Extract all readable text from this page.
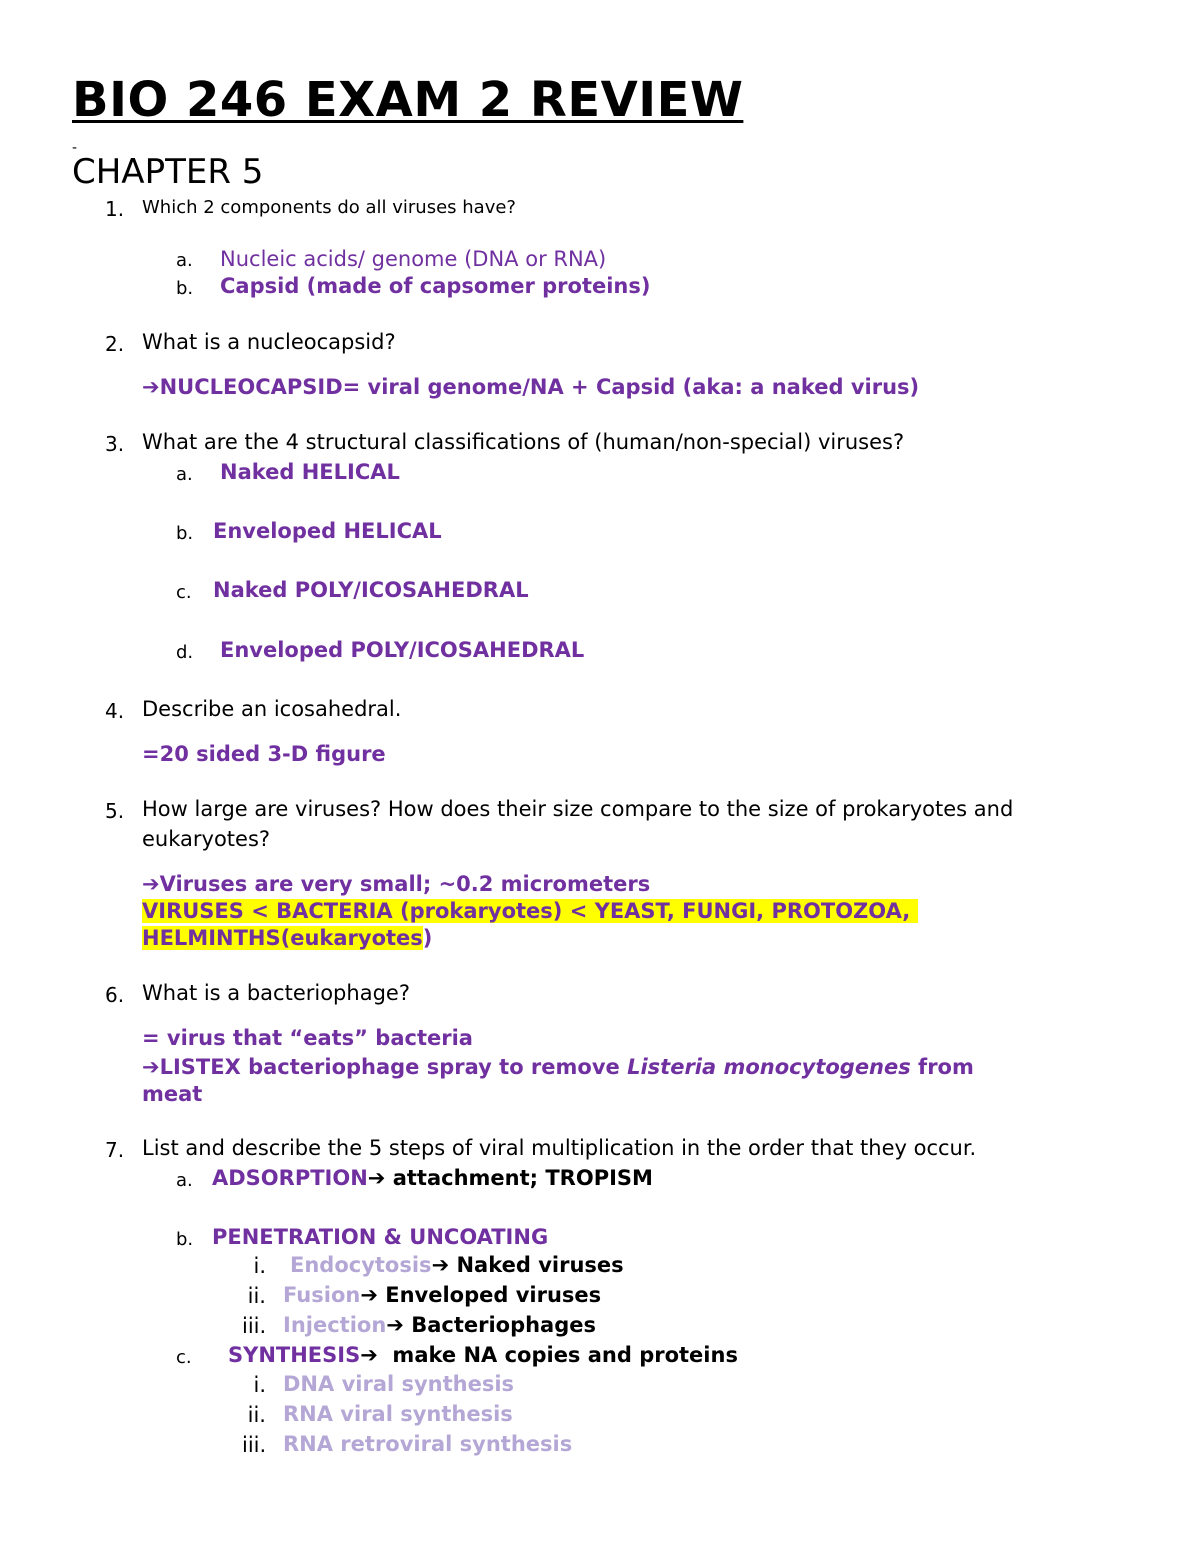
BIO 246 EXAM 2 REVIEW
-
CHAPTER 5
1. Which 2 components do all viruses have?
a. Nucleic acids/ genome (DNA or RNA)
b. Capsid (made of capsomer proteins)
2. What is a nucleocapsid?
➔NUCLEOCAPSID= viral genome/NA + Capsid (aka: a naked virus)
3. What are the 4 structural classifications of (human/non-special) viruses?
a. Naked HELICAL
b. Enveloped HELICAL
c. Naked POLY/ICOSAHEDRAL
d. Enveloped POLY/ICOSAHEDRAL
4. Describe an icosahedral.
=20 sided 3-D figure
5. How large are viruses? How does their size compare to the size of prokaryotes and
eukaryotes?
➔Viruses are very small; ~0.2 micrometers
VIRUSES < BACTERIA (prokaryotes) < YEAST, FUNGI, PROTOZOA,
HELMINTHS(eukaryotes)
6. What is a bacteriophage?
= virus that “eats” bacteria
➔LISTEX bacteriophage spray to remove Listeria monocytogenes from
meat
7. List and describe the 5 steps of viral multiplication in the order that they occur.
a. ADSORPTION➔ attachment; TROPISM
b. PENETRATION & UNCOATING
i. Endocytosis➔ Naked viruses
ii. Fusion➔ Enveloped viruses
iii. Injection➔ Bacteriophages
c. SYNTHESIS➔  make NA copies and proteins
i. DNA viral synthesis
ii. RNA viral synthesis
iii. RNA retroviral synthesis
